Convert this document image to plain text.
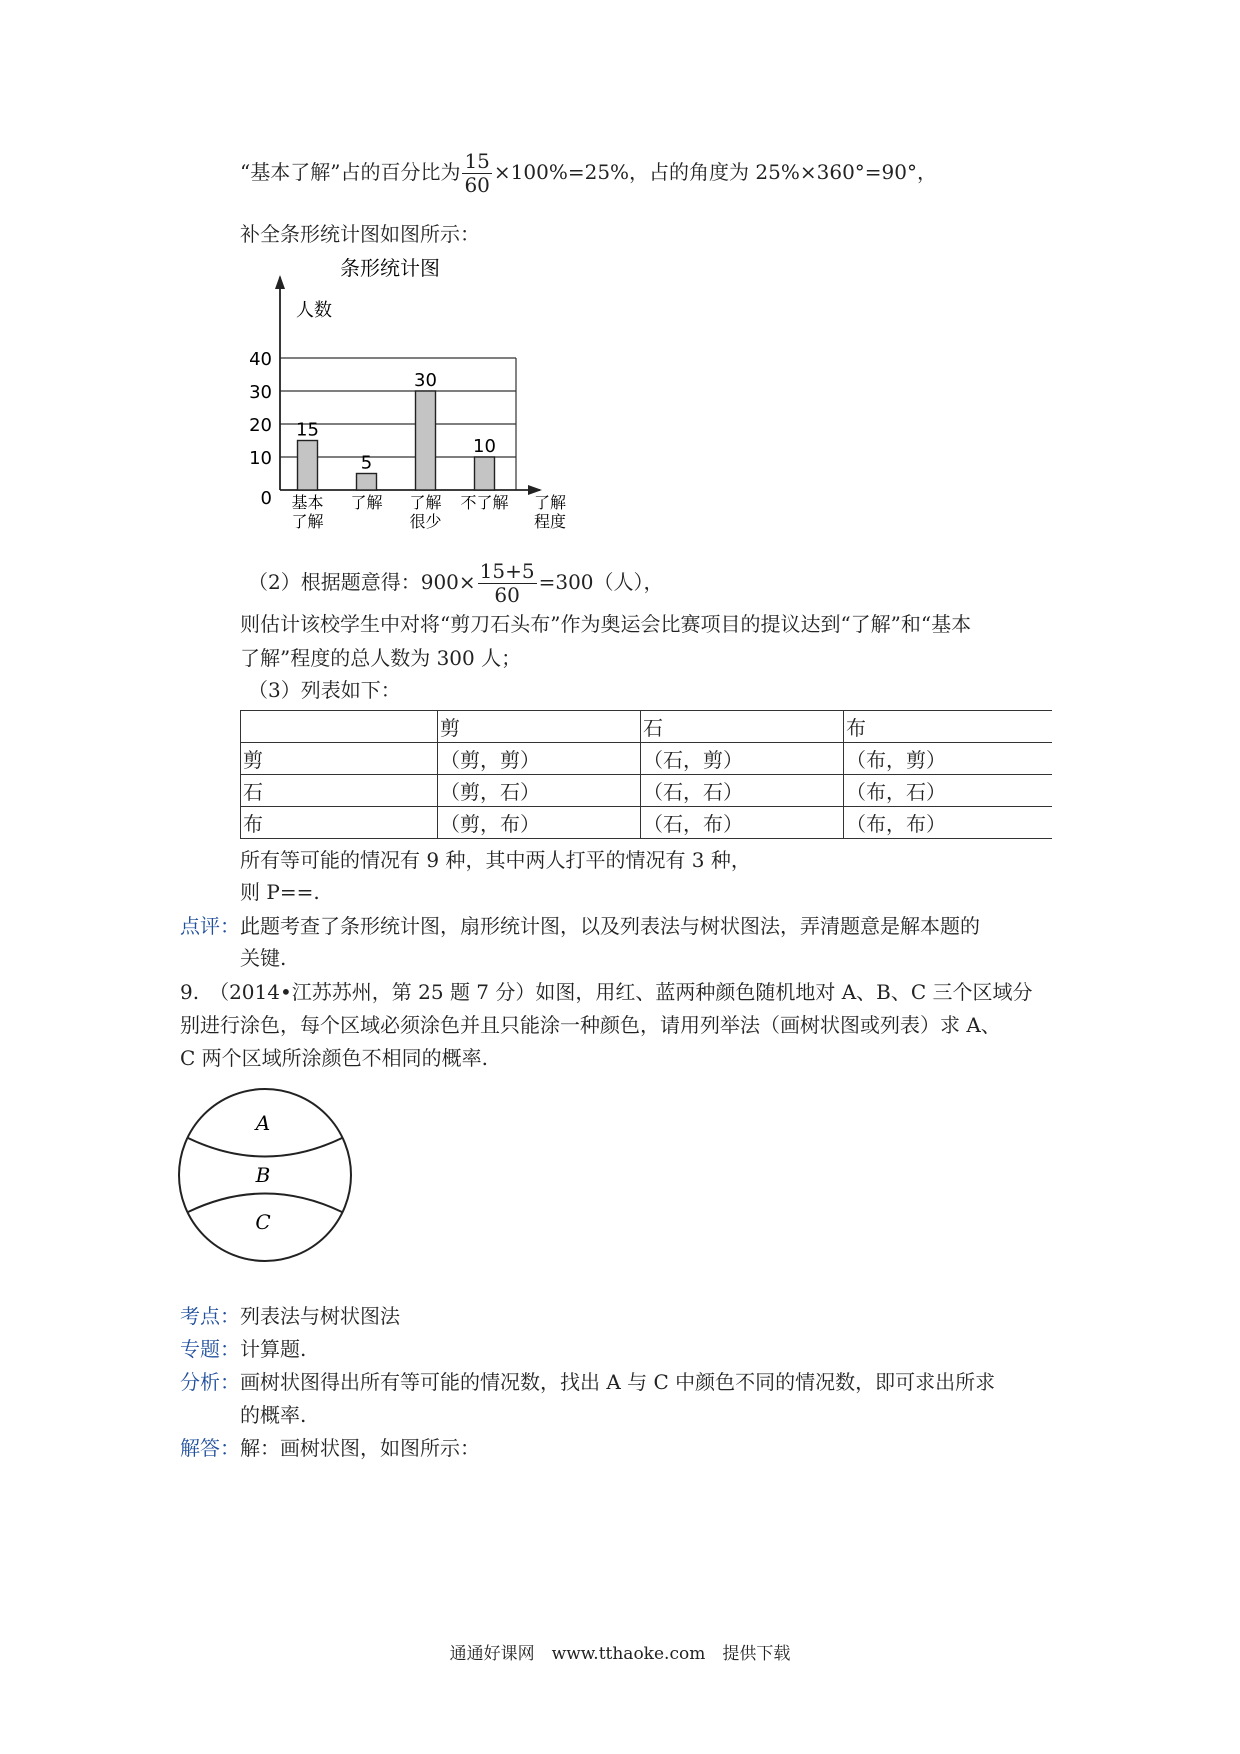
“基本了解”占的百分比为 $\frac{15}{60} \times 100\%=25\%$，占的角度为 25%×360°=90°，
补全条形统计图如图所示：
条形统计图
人数
0
10
20
30
40
15
基本
了解
5
了解
30
了解
很少
10
不了解 了解
程度
（2）根据题意得：$900\times \frac{15+5}{60} =300$（人），
则估计该校学生中对将“剪刀石头布”作为奥运会比赛项目的提议达到“了解”和“基本
了解”程度的总人数为 300 人；
（3）列表如下：
	剪	石	布
剪	（剪，剪）	（石，剪）	（布，剪）
石	（剪，石）	（石，石）	（布，石）
布	（剪，布）	（石，布）	（布，布）
所有等可能的情况有 9 种，其中两人打平的情况有 3 种，
则 P==.
点评：此题考查了条形统计图，扇形统计图，以及列表法与树状图法，弄清题意是解本题的
关键.
9.　（2014•江苏苏州，第 25 题 7 分）如图，用红、蓝两种颜色随机地对 A、B、C 三个区域分
别进行涂色，每个区域必须涂色并且只能涂一种颜色，请用列举法（画树状图或列表）求 A、
C 两个区域所涂颜色不相同的概率.
A
B
C
考点：列表法与树状图法
专题：计算题.
分析：画树状图得出所有等可能的情况数，找出 A 与 C 中颜色不同的情况数，即可求出所求
的概率.
解答：解：画树状图，如图所示：
通通好课网　www.tthaoke.com　提供下载
